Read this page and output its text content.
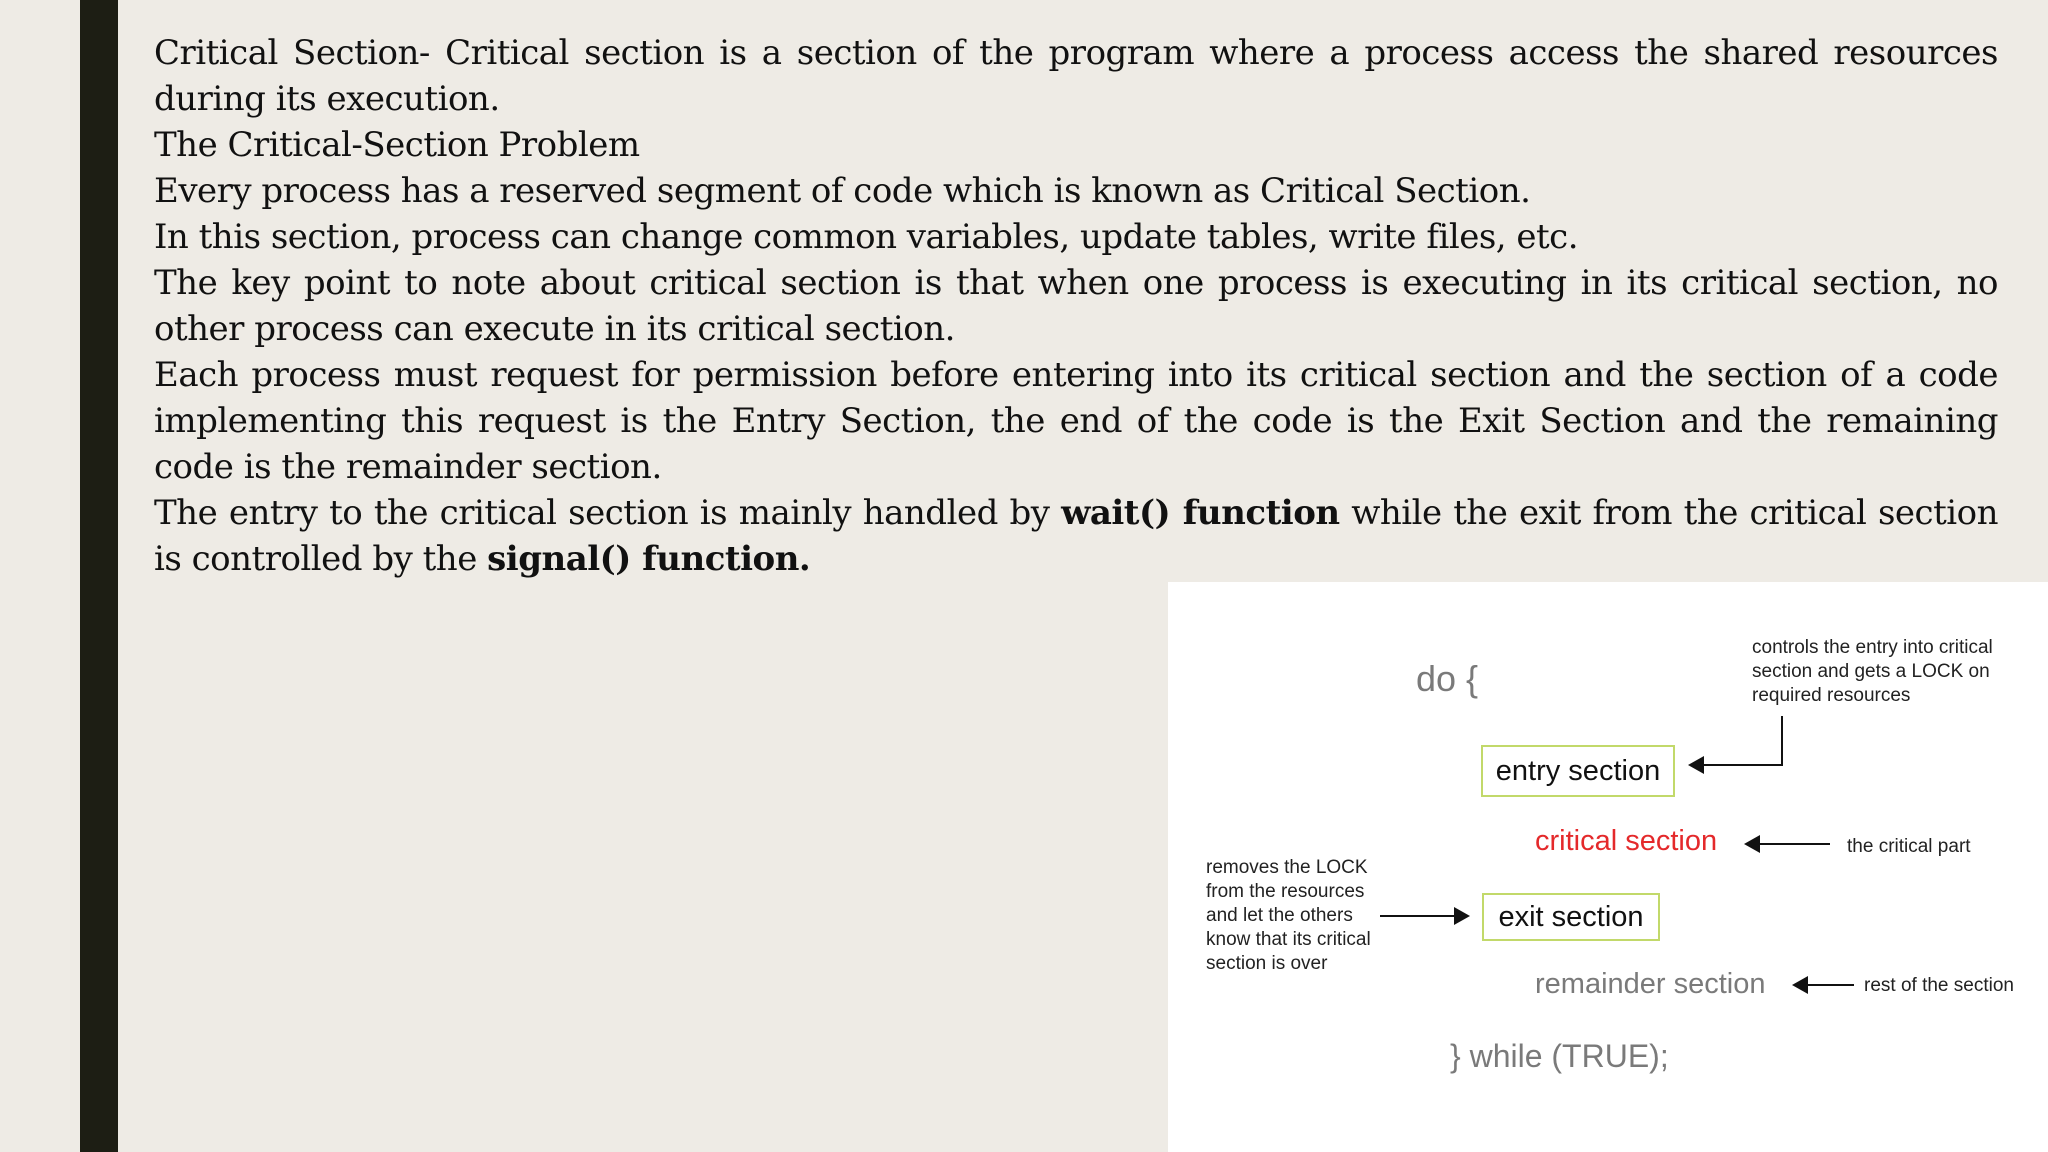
Critical Section- Critical section is a section of the program where a process access the shared resources during its execution.

The Critical-Section Problem

Every process has a reserved segment of code which is known as Critical Section.

In this section, process can change common variables, update tables, write files, etc.

The key point to note about critical section is that when one process is executing in its critical section, no other process can execute in its critical section.

Each process must request for permission before entering into its critical section and the section of a code implementing this request is the Entry Section, the end of the code is the Exit Section and the remaining code is the remainder section.

The entry to the critical section is mainly handled by wait() function while the exit from the critical section is controlled by the signal() function.

do {
controls the entry into critical
section and gets a LOCK on
required resources
entry section
critical section	the critical part
removes the LOCK
from the resources
and let the others
know that its critical
section is over
exit section
remainder section	rest of the section
} while (TRUE);
